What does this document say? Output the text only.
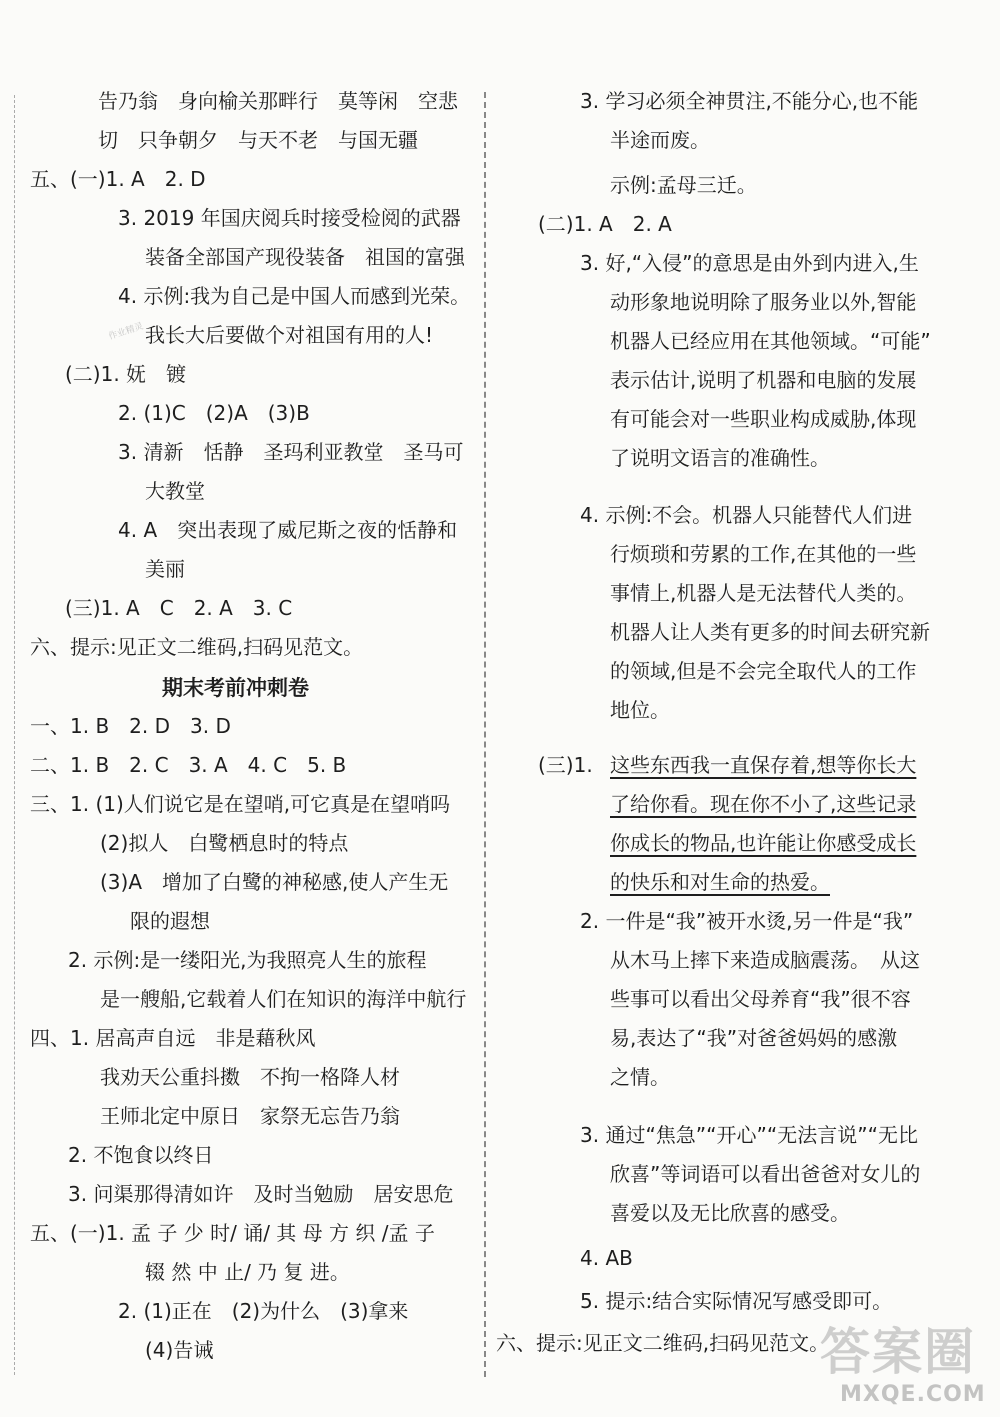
告乃翁　身向榆关那畔行　莫等闲　空悲
切　只争朝夕　与天不老　与国无疆
五、(一)1. A　2. D
3. 2019 年国庆阅兵时接受检阅的武器
装备全部国产现役装备　祖国的富强
4. 示例:我为自己是中国人而感到光荣。
我长大后要做个对祖国有用的人!
(二)1. 妩　镀
2. (1)C　(2)A　(3)B
3. 清新　恬静　圣玛利亚教堂　圣马可
大教堂
4. A　突出表现了威尼斯之夜的恬静和
美丽
(三)1. A　C　2. A　3. C
六、提示:见正文二维码,扫码见范文。
期末考前冲刺卷
一、1. B　2. D　3. D
二、1. B　2. C　3. A　4. C　5. B
三、1. (1)人们说它是在望哨,可它真是在望哨吗
(2)拟人　白鹭栖息时的特点
(3)A　增加了白鹭的神秘感,使人产生无
限的遐想
2. 示例:是一缕阳光,为我照亮人生的旅程
是一艘船,它载着人们在知识的海洋中航行
四、1. 居高声自远　非是藉秋风
我劝天公重抖擞　不拘一格降人材
王师北定中原日　家祭无忘告乃翁
2. 不饱食以终日
3. 问渠那得清如许　及时当勉励　居安思危
五、(一)1. 孟 子 少 时/ 诵/ 其 母 方 织 /孟 子
辍 然 中 止/ 乃 复 进。
2. (1)正在　(2)为什么　(3)拿来
(4)告诫
作业精灵
3. 学习必须全神贯注,不能分心,也不能
半途而废。
示例:孟母三迁。
(二)1. A　2. A
3. 好,“入侵”的意思是由外到内进入,生
动形象地说明除了服务业以外,智能
机器人已经应用在其他领域。“可能”
表示估计,说明了机器和电脑的发展
有可能会对一些职业构成威胁,体现
了说明文语言的准确性。
4. 示例:不会。机器人只能替代人们进
行烦琐和劳累的工作,在其他的一些
事情上,机器人是无法替代人类的。
机器人让人类有更多的时间去研究新
的领域,但是不会完全取代人的工作
地位。
(三)1. 这些东西我一直保存着,想等你长大
了给你看。现在你不小了,这些记录
你成长的物品,也许能让你感受成长
的快乐和对生命的热爱。
2. 一件是“我”被开水烫,另一件是“我”
从木马上摔下来造成脑震荡。　从这
些事可以看出父母养育“我”很不容
易,表达了“我”对爸爸妈妈的感激
之情。
3. 通过“焦急”“开心”“无法言说”“无比
欣喜”等词语可以看出爸爸对女儿的
喜爱以及无比欣喜的感受。
4. AB
5. 提示:结合实际情况写感受即可。
六、提示:见正文二维码,扫码见范文。
答案圈
MXQE.COM
